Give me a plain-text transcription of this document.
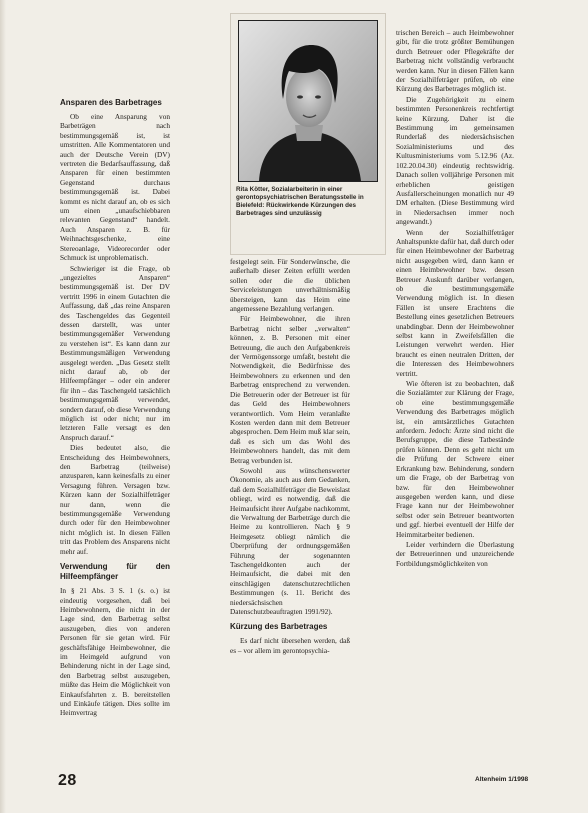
Rita Kötter, Sozialarbeiterin in einer gerontopsychiatrischen Beratungsstelle in Bielefeld: Rückwirkende Kürzungen des Barbetrages sind unzulässig
Ansparen des Barbetrages

Ob eine Ansparung von Barbeträgen nach bestimmungsgemäß ist, ist umstritten. Alle Kommentatoren und auch der Deutsche Verein (DV) vertreten die Bedarfsauffassung, daß Ansparen für einen bestimmten Gegenstand durchaus bestimmungsgemäß ist. Dabei kommt es nicht darauf an, ob es sich um einen „unaufschiebbaren relevanten Gegenstand“ handelt. Auch Ansparen z. B. für Weihnachtsgeschenke, eine Stereoanlage, Videorecorder oder Schmuck ist unproblematisch.

Schwieriger ist die Frage, ob „ungezieltes Ansparen“ bestimmungsgemäß ist. Der DV vertritt 1996 in einem Gutachten die Auffassung, daß „das reine Ansparen des Taschengeldes das Gegenteil dessen darstellt, was unter bestimmungsgemäßer Verwendung zu verstehen ist“. Es kann dann zur Bestimmungsmäßigen Verwendung ausgelegt werden. „Das Gesetz stellt nicht darauf ab, ob der Hilfeempfänger – oder ein anderer für ihn – das Taschengeld tatsächlich bestimmungsgemäß verwendet, sondern darauf, ob diese Verwendung möglich ist oder nicht; nur im letzteren Falle versagt es den Anspruch darauf.“

Dies bedeutet also, die Entscheidung des Heimbewohners, den Barbetrag (teilweise) anzusparen, kann keinesfalls zu einer Versagung führen. Versagen bzw. Kürzen kann der Sozialhilfeträger nur dann, wenn die bestimmungsgemäße Verwendung durch oder für den Heimbewohner nicht möglich ist. In diesen Fällen tritt das Problem des Ansparens nicht mehr auf.

Verwendung für den Hilfeempfänger

In § 21 Abs. 3 S. 1 (s. o.) ist eindeutig vorgesehen, daß bei Heimbewohnern, die nicht in der Lage sind, den Barbetrag selbst auszugeben, dies von anderen Personen für sie getan wird. Für geschäftsfähige Heimbewohner, die im Heimgeld aufgrund von Behinderung nicht in der Lage sind, den Barbetrag selbst auszugeben, müßte das Heim die Möglichkeit von Einkaufsfahrten z. B. bereitstellen und Einkäufe tätigen. Dies sollte im Heimvertrag

festgelegt sein. Für Sonderwünsche, die außerhalb dieser Zeiten erfüllt werden sollen oder die die üblichen Serviceleistungen unverhältnismäßig übersteigen, kann das Heim eine angemessene Bezahlung verlangen.

Für Heimbewohner, die ihren Barbetrag nicht selber „verwalten“ können, z. B. Personen mit einer Betreuung, die auch den Aufgabenkreis der Vermögenssorge umfaßt, besteht die Notwendigkeit, die Bedürfnisse des Heimbewohners zu erkennen und den Barbetrag entsprechend zu verwenden. Die Betreuerin oder der Betreuer ist für das Geld des Heimbewohners verantwortlich. Vom Heim veranlaßte Kosten werden dann mit dem Betreuer abgesprochen. Dem Heim muß klar sein, daß es sich um das Wohl des Heimbewohners handelt, das mit dem Betrag verbunden ist.

Sowohl aus wünschenswerter Ökonomie, als auch aus dem Gedanken, daß dem Sozialhilfeträger die Beweislast obliegt, wird es notwendig, daß die Heimaufsicht ihrer Aufgabe nachkommt, die Verwaltung der Barbeträge durch die Heime zu kontrollieren. Nach § 9 Heimgesetz obliegt nämlich die Überprüfung der ordnungsgemäßen Führung der sogenannten Taschengeldkonten auch der Heimaufsicht, die dabei mit den einschlägigen datenschutzrechtlichen Bestimmungen (s. 11. Bericht des niedersächsischen Datenschutzbeauftragten 1991/92).

Kürzung des Barbetrages

Es darf nicht übersehen werden, daß es – vor allem im gerontopsychia-

trischen Bereich – auch Heimbewohner gibt, für die trotz größter Bemühungen durch Betreuer oder Pflegekräfte der Barbetrag nicht vollständig verbraucht werden kann. Nur in diesen Fällen kann der Sozialhilfeträger prüfen, ob eine Kürzung des Barbetrages möglich ist.

Die Zugehörigkeit zu einem bestimmten Personenkreis rechtfertigt keine Kürzung. Daher ist die Bestimmung im gemeinsamen Runderlaß des niedersächsischen Sozialministeriums und des Kultusministeriums vom 5.12.96 (Az. 102.20.04.30) eindeutig rechtswidrig. Danach sollen volljährige Personen mit erheblichen geistigen Ausfallerscheinungen monatlich nur 49 DM erhalten. (Diese Bestimmung wird in Niedersachsen immer noch angewandt.)

Wenn der Sozialhilfeträger Anhaltspunkte dafür hat, daß durch oder für einen Heimbewohner der Barbetrag nicht ausgegeben wird, dann kann er einen Heimbewohner bzw. dessen Betreuer Auskunft darüber verlangen, ob die bestimmungsgemäße Verwendung möglich ist. In diesen Fällen ist unsere Erachtens die Bestellung eines gesetzlichen Betreuers unabdingbar. Denn der Heimbewohner selbst kann in Zweifelsfällen die Leistungen verwehrt werden. Hier braucht es einen neutralen Dritten, der die Interessen des Heimbewohners vertritt.

Wie öfteren ist zu beobachten, daß die Sozialämter zur Klärung der Frage, ob eine bestimmungsgemäße Verwendung des Barbetrages möglich ist, ein amtsärztliches Gutachten anfordern. Jedoch: Ärzte sind nicht die Berufsgruppe, die diese Tatbestände prüfen können. Denn es geht nicht um die Prüfung der Schwere einer Erkrankung bzw. Behinderung, sondern um die Frage, ob der Barbetrag von bzw. für den Heimbewohner ausgegeben werden kann, und diese Frage kann nur der Heimbewohner selbst oder sein Betreuer beantworten und ggf. hierbei eventuell der Hilfe der Heimmitarbeiter bedienen.

Leider verhindern die Überlastung der Betreuerinnen und unzureichende Fortbildungsmöglichkeiten von

28	Altenheim 1/1998
